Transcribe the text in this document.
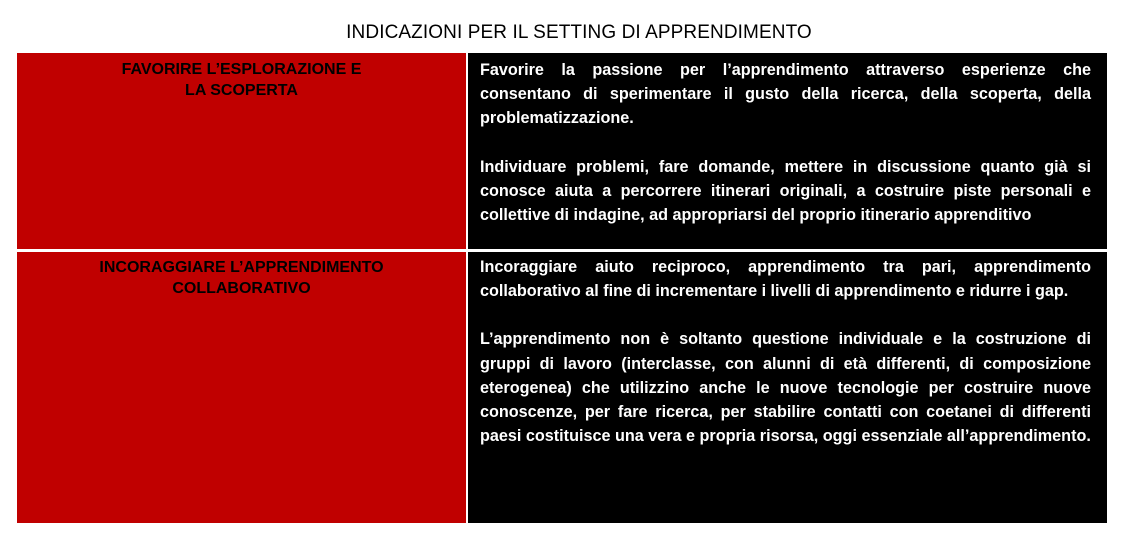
INDICAZIONI PER IL SETTING DI APPRENDIMENTO
FAVORIRE L’ESPLORAZIONE E
LA SCOPERTA

Favorire la passione per l’apprendimento attraverso esperienze che consentano di sperimentare il gusto della ricerca, della scoperta, della problematizzazione.

Individuare problemi, fare domande, mettere in discussione quanto già si conosce aiuta a percorrere itinerari originali, a costruire piste personali e collettive di indagine, ad appropriarsi del proprio itinerario apprenditivo

INCORAGGIARE L’APPRENDIMENTO
COLLABORATIVO

Incoraggiare aiuto reciproco, apprendimento tra pari, apprendimento collaborativo al fine di incrementare i livelli di apprendimento e ridurre i gap.

L’apprendimento non è soltanto questione individuale e la costruzione di gruppi di lavoro (interclasse, con alunni di età differenti, di composizione eterogenea) che utilizzino anche le nuove tecnologie per costruire nuove conoscenze, per fare ricerca, per stabilire contatti con coetanei di differenti paesi costituisce una vera e propria risorsa, oggi essenziale all’apprendimento.
